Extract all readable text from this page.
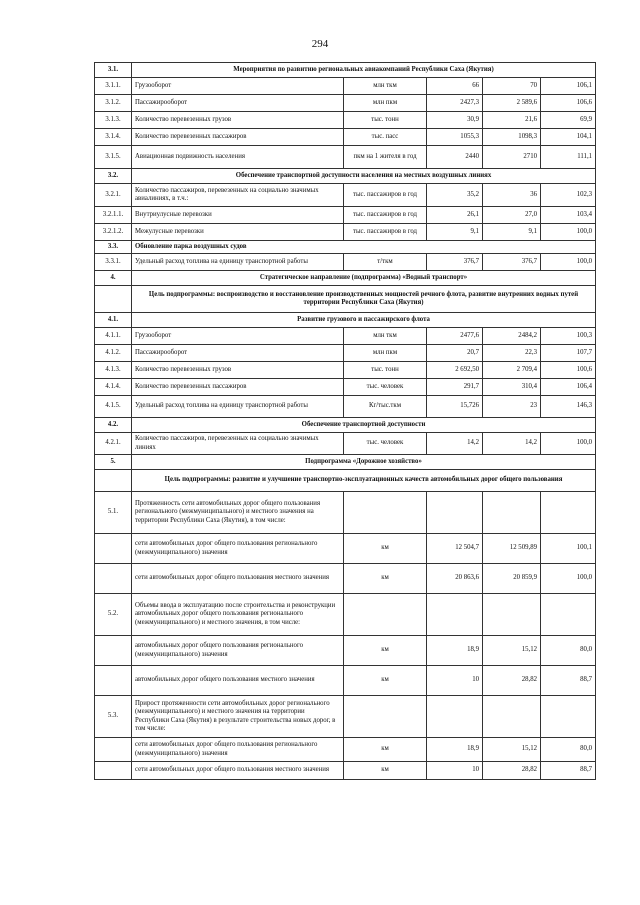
294
3.1.	Мероприятия по развитию региональных авиакомпаний Республики Саха (Якутия)				
3.1.1.	Грузооборот	млн ткм	66	70	106,1
3.1.2.	Пассажирооборот	млн пкм	2427,3	2 589,6	106,6
3.1.3.	Количество перевезенных грузов	тыс. тонн	30,9	21,6	69,9
3.1.4.	Количество перевезенных пассажиров	тыс. пасс	1055,3	1098,3	104,1
3.1.5.	Авиационная подвижность населения	пкм на 1 жителя в год	2440	2710	111,1
3.2.	Обеспечение транспортной доступности населения на местных воздушных линиях				
3.2.1.	Количество пассажиров, перевезенных на социально значимых авиалиниях, в т.ч.:	тыс. пассажиров в год	35,2	36	102,3
3.2.1.1.	Внутриулусные перевозки	тыс. пассажиров в год	26,1	27,0	103,4
3.2.1.2.	Межулусные перевозки	тыс. пассажиров в год	9,1	9,1	100,0
3.3.	Обновление парка воздушных судов				
3.3.1.	Удельный расход топлива на единицу транспортной работы	т/ткм	376,7	376,7	100,0
4.	Стратегическое направление (подпрограмма) «Водный транспорт»				
	Цель подпрограммы: воспроизводство и восстановление производственных мощностей речного флота, развитие внутренних водных путей территории Республики Саха (Якутия)				
4.1.	Развитие грузового и пассажирского флота				
4.1.1.	Грузооборот	млн ткм	2477,6	2484,2	100,3
4.1.2.	Пассажирооборот	млн пкм	20,7	22,3	107,7
4.1.3.	Количество перевезенных грузов	тыс. тонн	2 692,50	2 709,4	100,6
4.1.4.	Количество перевезенных пассажиров	тыс. человек	291,7	310,4	106,4
4.1.5.	Удельный расход топлива на единицу транспортной работы	Кг/тыс.ткм	15,726	23	146,3
4.2.	Обеспечение транспортной доступности				
4.2.1.	Количество пассажиров, перевезенных на социально значимых линиях	тыс. человек	14,2	14,2	100,0
5.	Подпрограмма «Дорожное хозяйство»				
	Цель подпрограммы: развитие и улучшение транспортно-эксплуатационных качеств автомобильных дорог общего пользования				
5.1.	Протяженность сети автомобильных дорог общего пользования регионального (межмуниципального) и местного значения на территории Республики Саха (Якутия), в том числе:				
	сети автомобильных дорог общего пользования регионального (межмуниципального) значения	км	12 504,7	12 509,89	100,1
	сети автомобильных дорог общего пользования местного значения	км	20 863,6	20 859,9	100,0
5.2.	Объемы ввода в эксплуатацию после строительства и реконструкции автомобильных дорог общего пользования регионального (межмуниципального) и местного значения, в том числе:				
	автомобильных дорог общего пользования регионального (межмуниципального) значения	км	18,9	15,12	80,0
	автомобильных дорог общего пользования местного значения	км	10	28,82	88,7
5.3.	Прирост протяженности сети автомобильных дорог регионального (межмуниципального) и местного значения на территории Республики Саха (Якутия) в результате строительства новых дорог, в том числе:				
	сети автомобильных дорог общего пользования регионального (межмуниципального) значения	км	18,9	15,12	80,0
	сети автомобильных дорог общего пользования местного значения	км	10	28,82	88,7
